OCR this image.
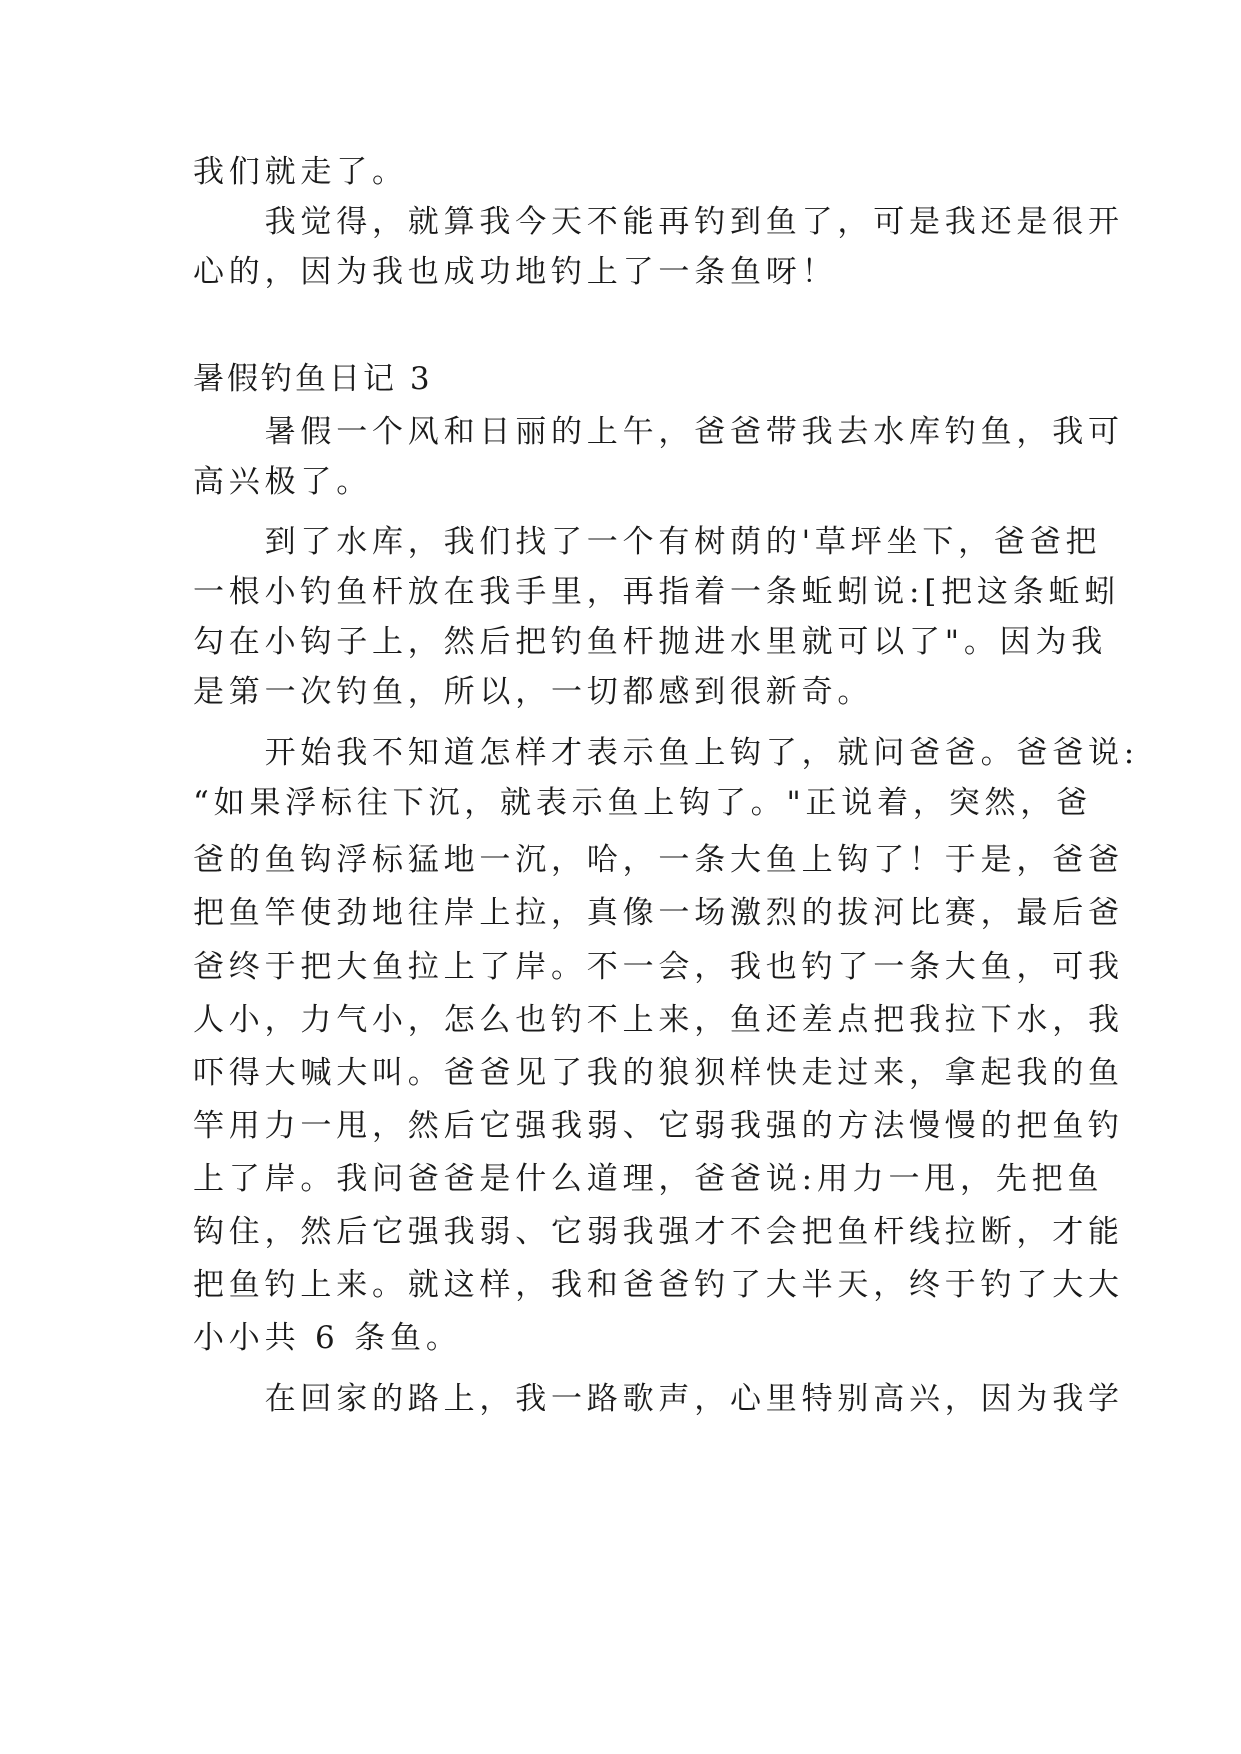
我们就走了。
　　我觉得，就算我今天不能再钓到鱼了，可是我还是很开
心的，因为我也成功地钓上了一条鱼呀！
暑假钓鱼日记 3
　　暑假一个风和日丽的上午，爸爸带我去水库钓鱼，我可
高兴极了。
　　到了水库，我们找了一个有树荫的'草坪坐下，爸爸把
一根小钓鱼杆放在我手里，再指着一条蚯蚓说:[把这条蚯蚓
勾在小钩子上，然后把钓鱼杆抛进水里就可以了"。因为我
是第一次钓鱼，所以，一切都感到很新奇。
　　开始我不知道怎样才表示鱼上钩了，就问爸爸。爸爸说:
“如果浮标往下沉，就表示鱼上钩了。"正说着，突然，爸
爸的鱼钩浮标猛地一沉，哈，一条大鱼上钩了！于是，爸爸
把鱼竿使劲地往岸上拉，真像一场激烈的拔河比赛，最后爸
爸终于把大鱼拉上了岸。不一会，我也钓了一条大鱼，可我
人小，力气小，怎么也钓不上来，鱼还差点把我拉下水，我
吓得大喊大叫。爸爸见了我的狼狈样快走过来，拿起我的鱼
竿用力一甩，然后它强我弱、它弱我强的方法慢慢的把鱼钓
上了岸。我问爸爸是什么道理，爸爸说:用力一甩，先把鱼
钩住，然后它强我弱、它弱我强才不会把鱼杆线拉断，才能
把鱼钓上来。就这样，我和爸爸钓了大半天，终于钓了大大
小小共 6 条鱼。
　　在回家的路上，我一路歌声，心里特别高兴，因为我学
